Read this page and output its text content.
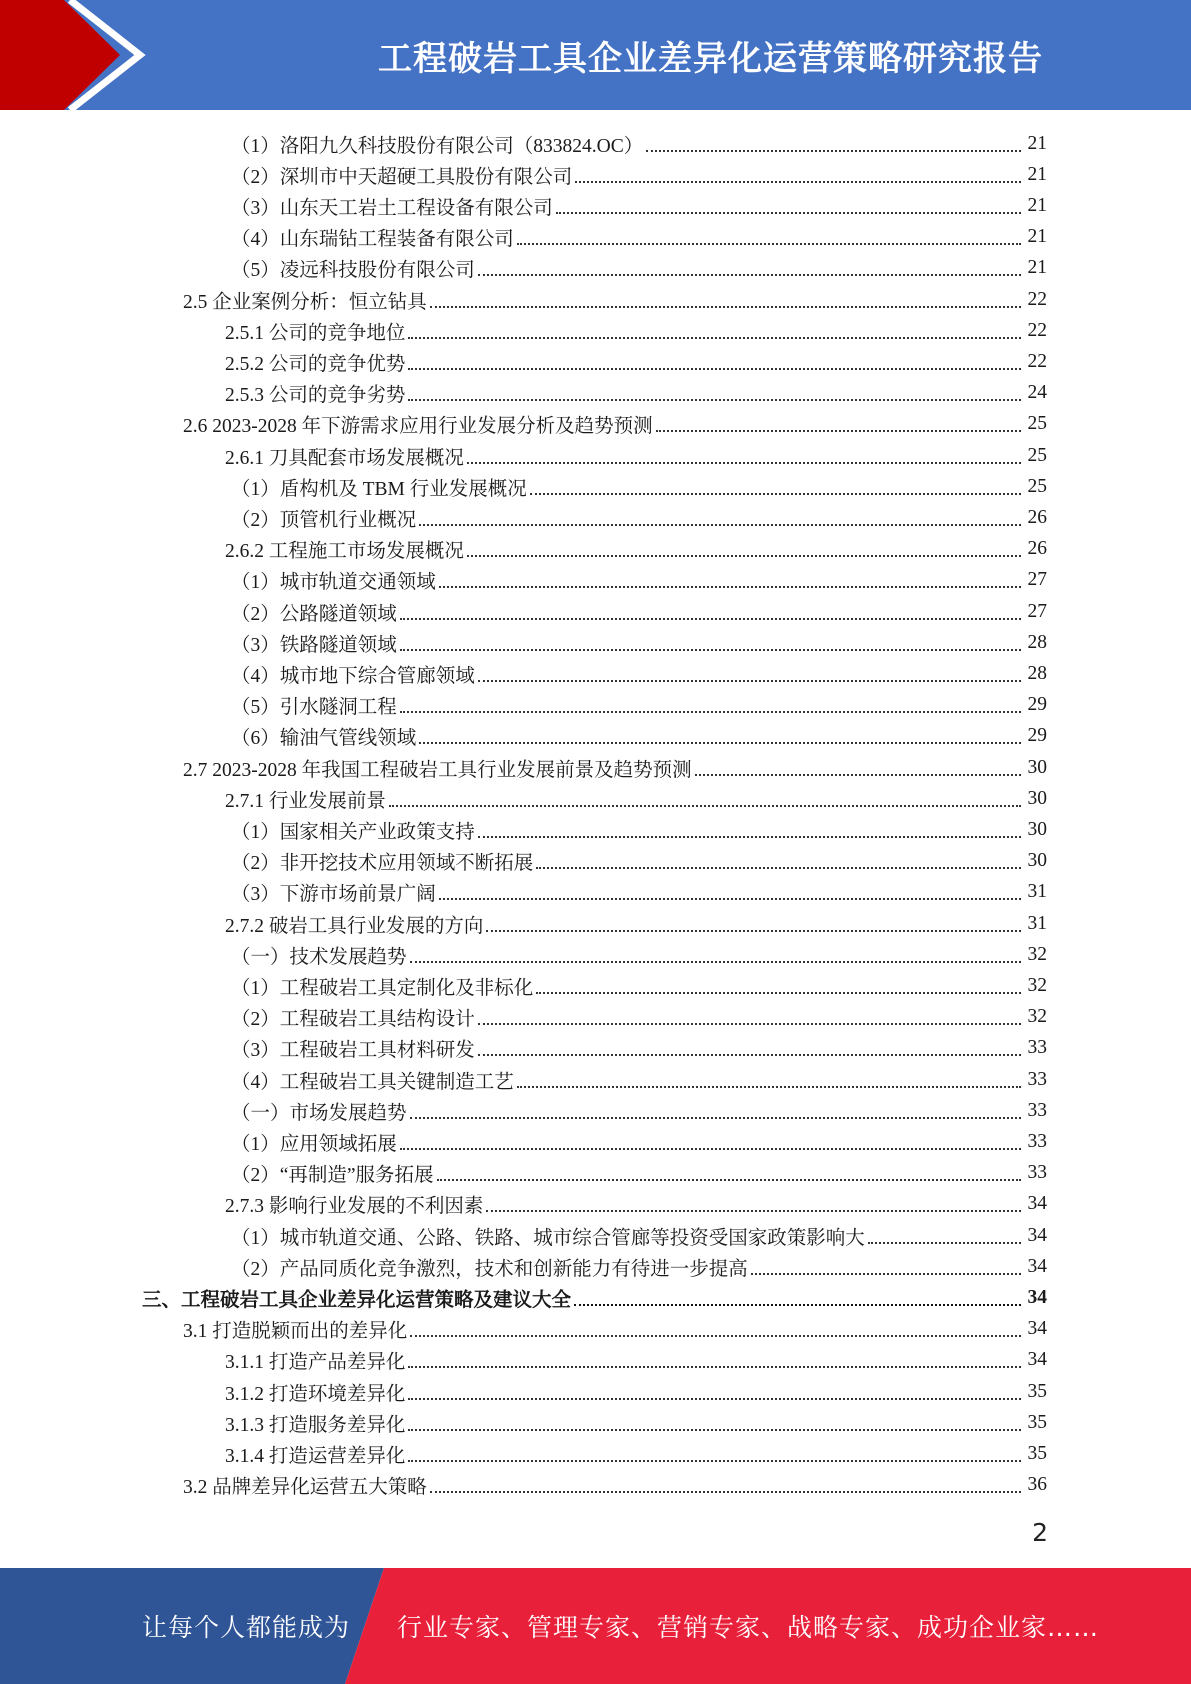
工程破岩工具企业差异化运营策略研究报告
（1）洛阳九久科技股份有限公司（833824.OC）	21
（2）深圳市中天超硬工具股份有限公司	21
（3）山东天工岩土工程设备有限公司	21
（4）山东瑞钻工程装备有限公司	21
（5）凌远科技股份有限公司	21
2.5 企业案例分析：恒立钻具	22
2.5.1 公司的竞争地位	22
2.5.2 公司的竞争优势	22
2.5.3 公司的竞争劣势	24
2.6 2023-2028 年下游需求应用行业发展分析及趋势预测	25
2.6.1 刀具配套市场发展概况	25
（1）盾构机及 TBM 行业发展概况	25
（2）顶管机行业概况	26
2.6.2 工程施工市场发展概况	26
（1）城市轨道交通领域	27
（2）公路隧道领域	27
（3）铁路隧道领域	28
（4）城市地下综合管廊领域	28
（5）引水隧洞工程	29
（6）输油气管线领域	29
2.7 2023-2028 年我国工程破岩工具行业发展前景及趋势预测	30
2.7.1 行业发展前景	30
（1）国家相关产业政策支持	30
（2）非开挖技术应用领域不断拓展	30
（3）下游市场前景广阔	31
2.7.2 破岩工具行业发展的方向	31
（一）技术发展趋势	32
（1）工程破岩工具定制化及非标化	32
（2）工程破岩工具结构设计	32
（3）工程破岩工具材料研发	33
（4）工程破岩工具关键制造工艺	33
（一）市场发展趋势	33
（1）应用领域拓展	33
（2）“再制造”服务拓展	33
2.7.3 影响行业发展的不利因素	34
（1）城市轨道交通、公路、铁路、城市综合管廊等投资受国家政策影响大	34
（2）产品同质化竞争激烈，技术和创新能力有待进一步提高	34
三、工程破岩工具企业差异化运营策略及建议大全	34
3.1 打造脱颖而出的差异化	34
3.1.1 打造产品差异化	34
3.1.2 打造环境差异化	35
3.1.3 打造服务差异化	35
3.1.4 打造运营差异化	35
3.2 品牌差异化运营五大策略	36
2
让每个人都能成为 行业专家、管理专家、营销专家、战略专家、成功企业家……
